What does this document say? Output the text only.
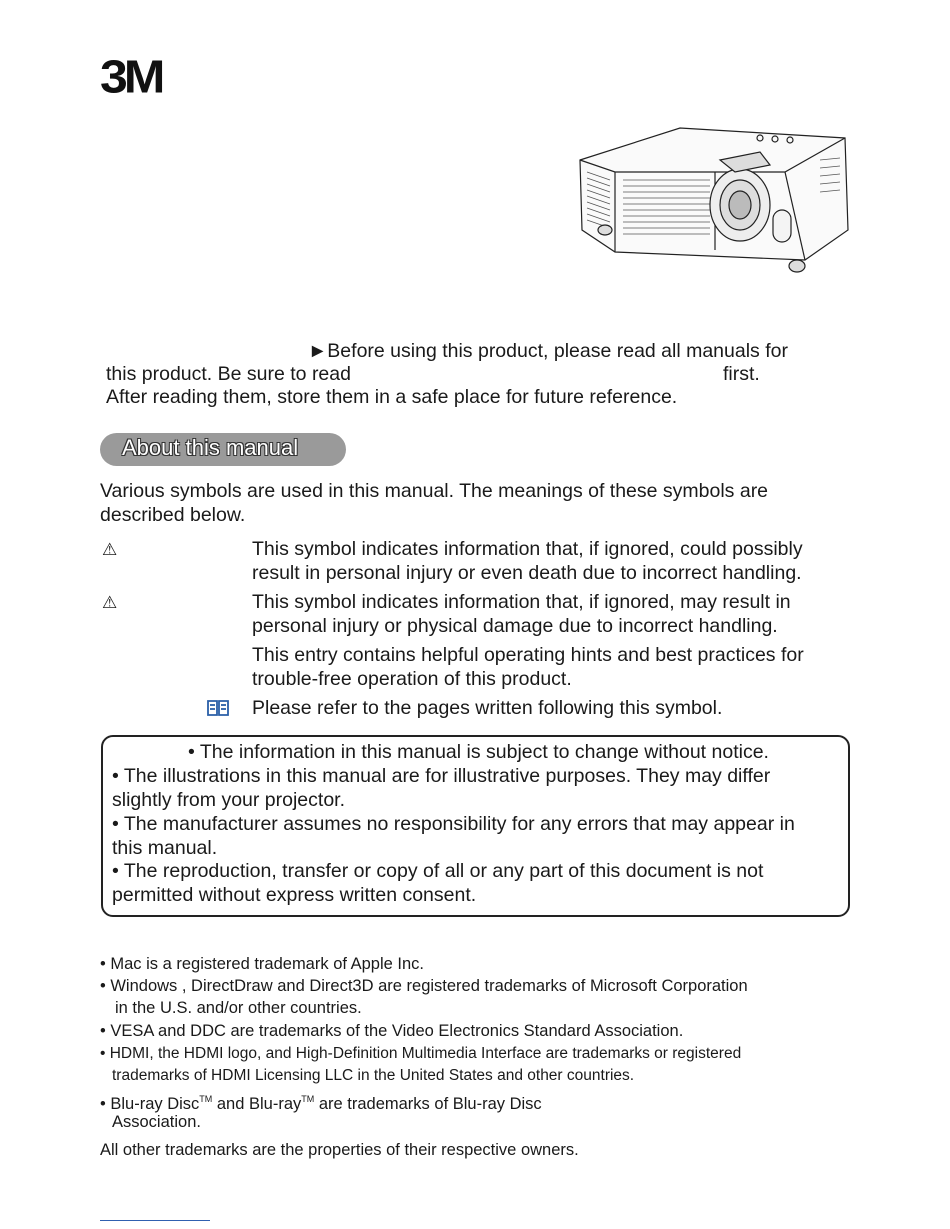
3M
►Before using this product, please read all manuals for
this product. Be sure to read	first.
After reading them, store them in a safe place for future reference.
About this manual
Various symbols are used in this manual. The meanings of these symbols are
described below.
⚠	This symbol indicates information that, if ignored, could possibly
result in personal injury or even death due to incorrect handling.
⚠	This symbol indicates information that, if ignored, may result in
personal injury or physical damage due to incorrect handling.
This entry contains helpful operating hints and best practices for
trouble-free operation of this product.
Please refer to the pages written following this symbol.
• The information in this manual is subject to change without notice.
• The illustrations in this manual are for illustrative purposes. They may differ
slightly from your projector.
• The manufacturer assumes no responsibility for any errors that may appear in
this manual.
• The reproduction, transfer or copy of all or any part of this document is not
permitted without express written consent.
• Mac is a registered trademark of Apple Inc.
• Windows , DirectDraw and Direct3D are registered trademarks of Microsoft Corporation
in the U.S. and/or other countries.
• VESA and DDC are trademarks of the Video Electronics Standard Association.
• HDMI, the HDMI logo, and High-Definition Multimedia Interface are trademarks or registered
trademarks of HDMI Licensing LLC in the United States and other countries.
• Blu-ray Disc™ and Blu-ray™ are trademarks of Blu-ray Disc
Association.
All other trademarks are the properties of their respective owners.
